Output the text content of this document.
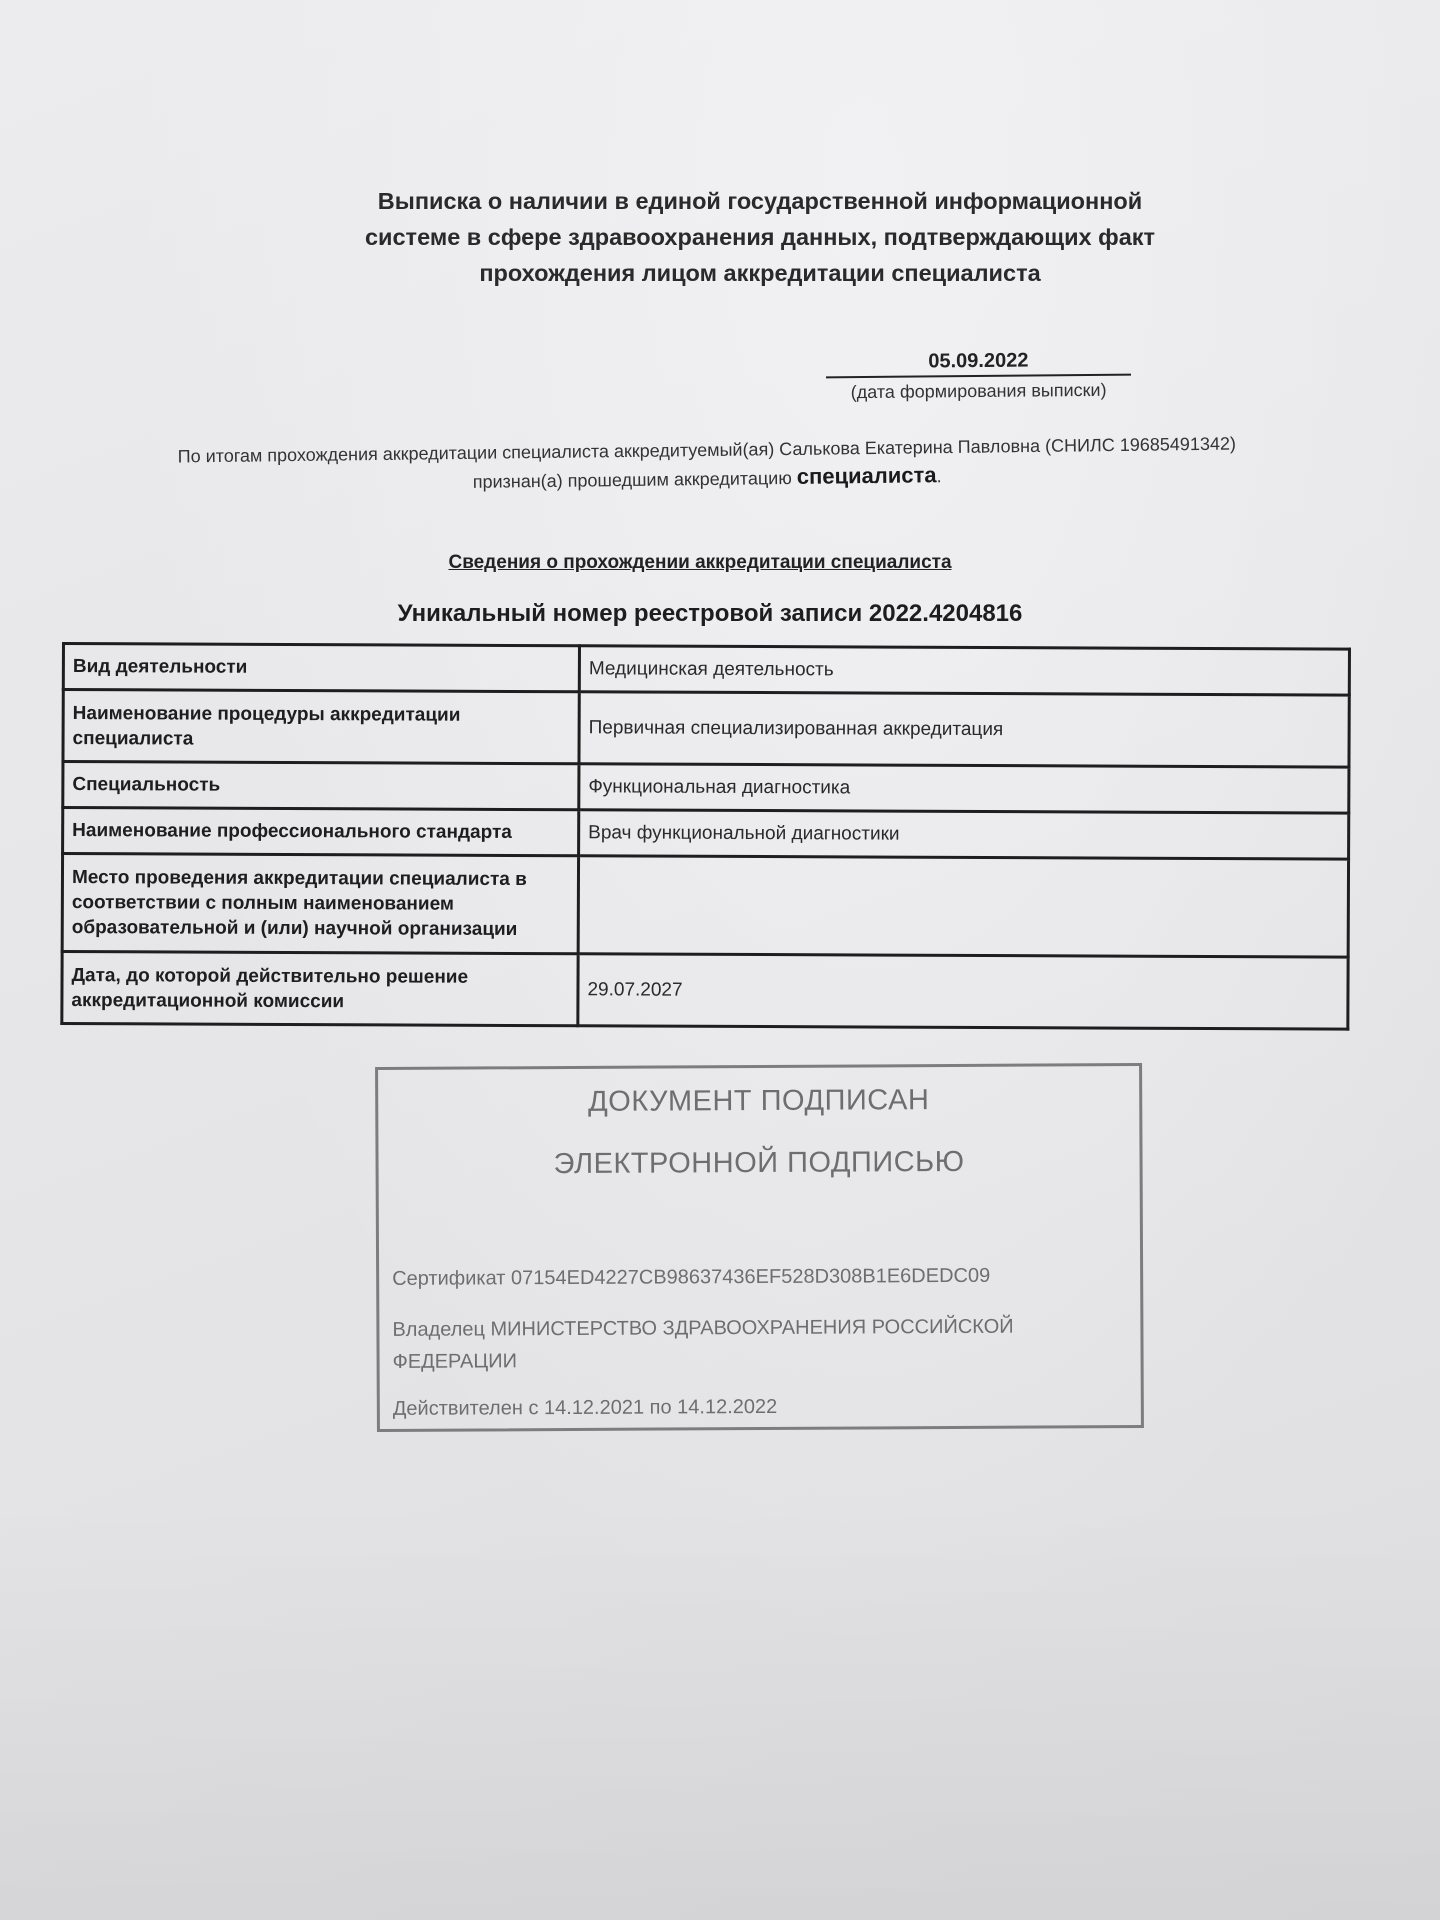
Выписка о наличии в единой государственной информационной
системе в сфере здравоохранения данных, подтверждающих факт
прохождения лицом аккредитации специалиста
05.09.2022
(дата формирования выписки)
По итогам прохождения аккредитации специалиста аккредитуемый(ая) Салькова Екатерина Павловна (СНИЛС 19685491342)
признан(а) прошедшим аккредитацию специалиста.
Сведения о прохождении аккредитации специалиста
Уникальный номер реестровой записи 2022.4204816
Вид деятельности	Медицинская деятельность
Наименование процедуры аккредитации специалиста	Первичная специализированная аккредитация
Специальность	Функциональная диагностика
Наименование профессионального стандарта	Врач функциональной диагностики
Место проведения аккредитации специалиста в соответствии с полным наименованием образовательной и (или) научной организации	
Дата, до которой действительно решение аккредитационной комиссии	29.07.2027
ДОКУМЕНТ ПОДПИСАН
ЭЛЕКТРОННОЙ ПОДПИСЬЮ
Сертификат 07154ED4227CB98637436EF528D308B1E6DEDC09
Владелец МИНИСТЕРСТВО ЗДРАВООХРАНЕНИЯ РОССИЙСКОЙ ФЕДЕРАЦИИ
Действителен с 14.12.2021 по 14.12.2022
